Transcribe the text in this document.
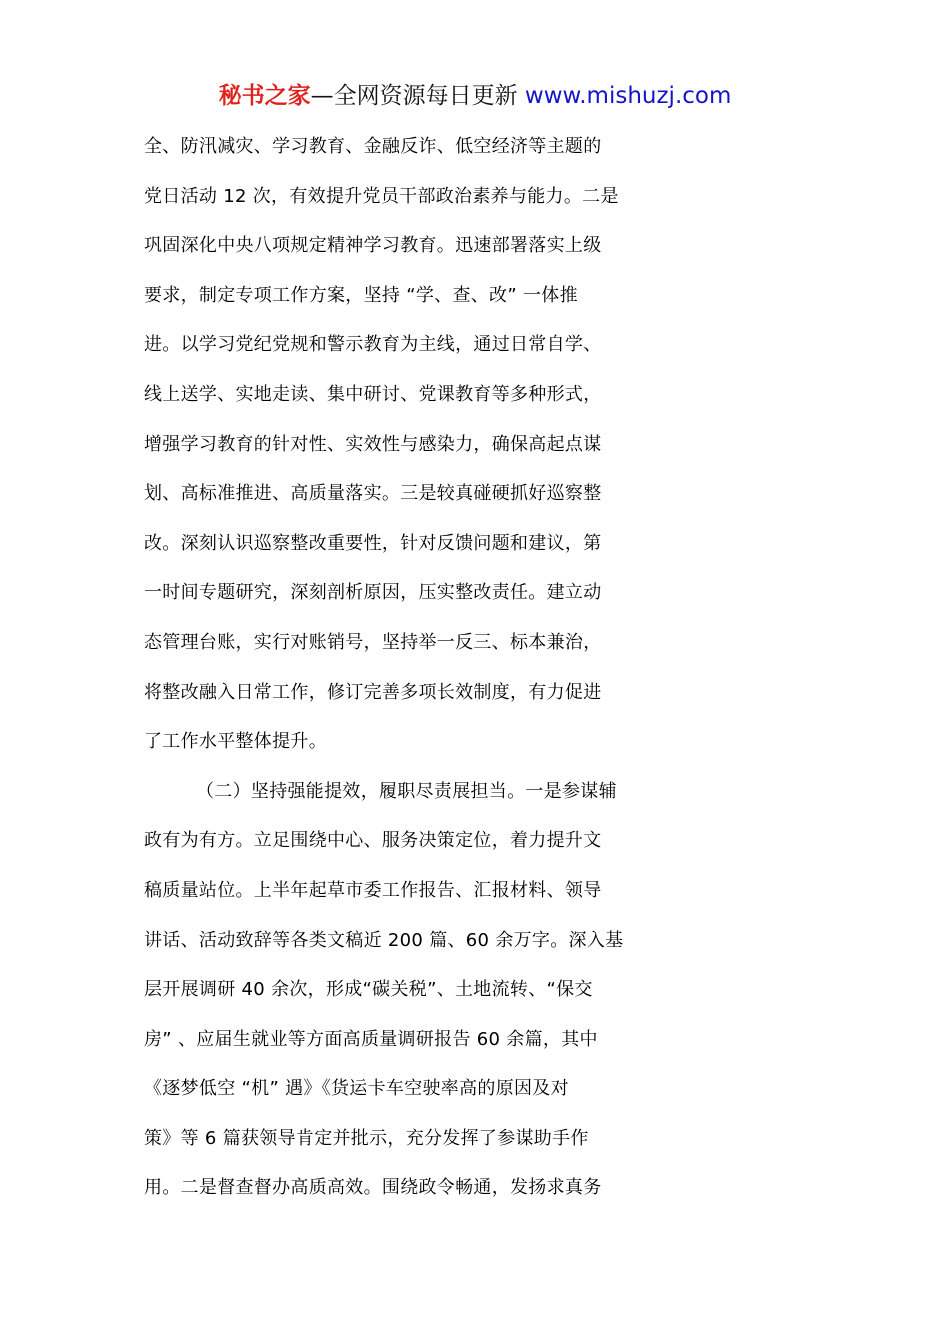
秘书之家—全网资源每日更新 www.mishuzj.com
全、防汛减灾、学习教育、金融反诈、低空经济等主题的
党日活动 12 次，有效提升党员干部政治素养与能力。二是
巩固深化中央八项规定精神学习教育。迅速部署落实上级
要求，制定专项工作方案，坚持 “学、查、改” 一体推
进。以学习党纪党规和警示教育为主线，通过日常自学、
线上送学、实地走读、集中研讨、党课教育等多种形式，
增强学习教育的针对性、实效性与感染力，确保高起点谋
划、高标准推进、高质量落实。三是较真碰硬抓好巡察整
改。深刻认识巡察整改重要性，针对反馈问题和建议，第
一时间专题研究，深刻剖析原因，压实整改责任。建立动
态管理台账，实行对账销号，坚持举一反三、标本兼治，
将整改融入日常工作，修订完善多项长效制度，有力促进
了工作水平整体提升。
（二）坚持强能提效，履职尽责展担当。一是参谋辅
政有为有方。立足围绕中心、服务决策定位，着力提升文
稿质量站位。上半年起草市委工作报告、汇报材料、领导
讲话、活动致辞等各类文稿近 200 篇、60 余万字。深入基
层开展调研 40 余次，形成“碳关税”、土地流转、“保交
房” 、应届生就业等方面高质量调研报告 60 余篇，其中
《逐梦低空 “机” 遇》《货运卡车空驶率高的原因及对
策》等 6 篇获领导肯定并批示，充分发挥了参谋助手作
用。二是督查督办高质高效。围绕政令畅通，发扬求真务
